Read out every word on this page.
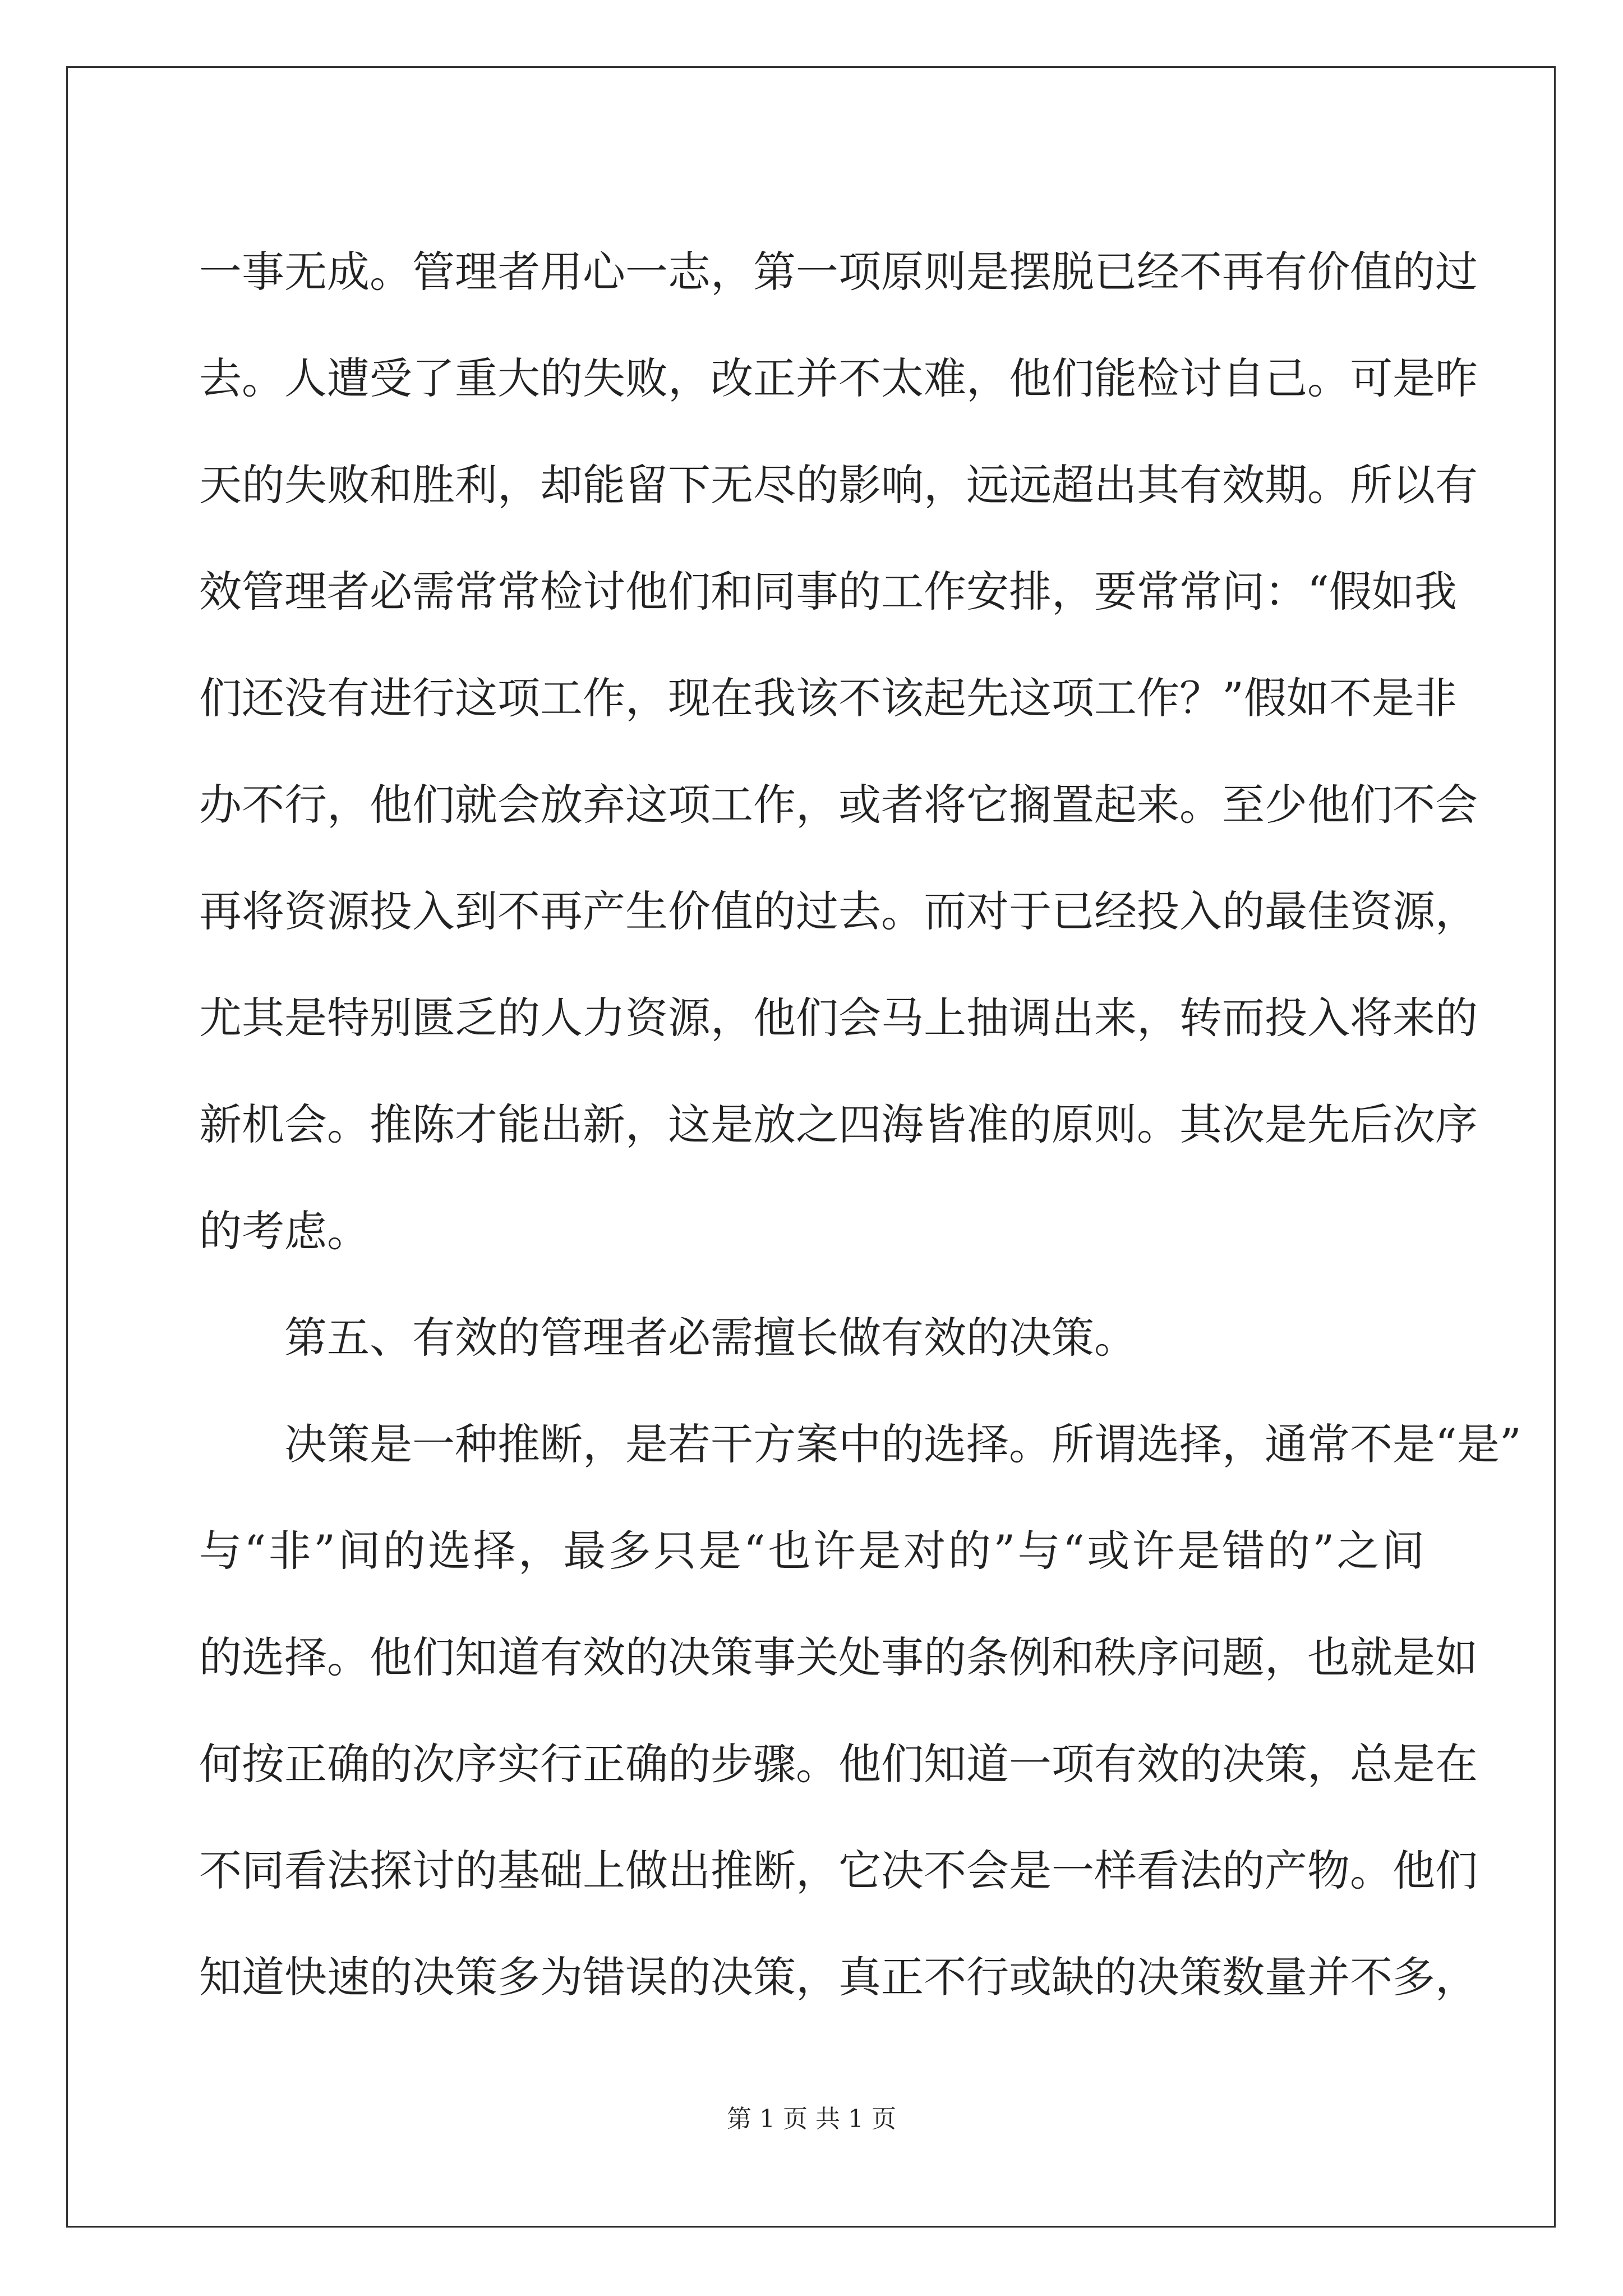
一事无成。管理者用心一志，第一项原则是摆脱已经不再有价值的过
去。人遭受了重大的失败，改正并不太难，他们能检讨自己。可是昨
天的失败和胜利，却能留下无尽的影响，远远超出其有效期。所以有
效管理者必需常常检讨他们和同事的工作安排，要常常问：“假如我
们还没有进行这项工作，现在我该不该起先这项工作？”假如不是非
办不行，他们就会放弃这项工作，或者将它搁置起来。至少他们不会
再将资源投入到不再产生价值的过去。而对于已经投入的最佳资源，
尤其是特别匮乏的人力资源，他们会马上抽调出来，转而投入将来的
新机会。推陈才能出新，这是放之四海皆准的原则。其次是先后次序
的考虑。
第五、有效的管理者必需擅长做有效的决策。
决策是一种推断，是若干方案中的选择。所谓选择，通常不是“是”
与“非”间的选择，最多只是“也许是对的”与“或许是错的”之间
的选择。他们知道有效的决策事关处事的条例和秩序问题，也就是如
何按正确的次序实行正确的步骤。他们知道一项有效的决策，总是在
不同看法探讨的基础上做出推断，它决不会是一样看法的产物。他们
知道快速的决策多为错误的决策，真正不行或缺的决策数量并不多，
第 1 页 共 1 页
